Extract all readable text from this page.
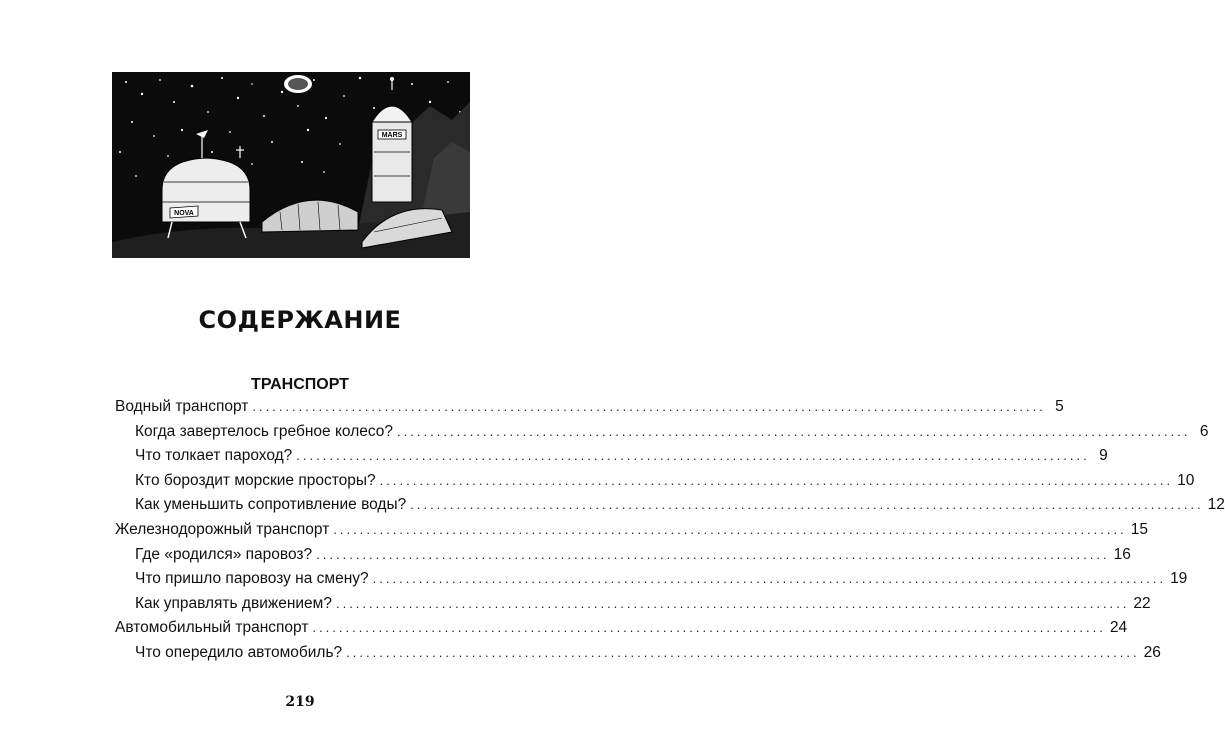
MARS
NOVA
СОДЕРЖАНИЕ
ТРАНСПОРТ
Водный транспорт ........................................................................................................................ 5
Когда завертелось гребное колесо? ........................................................................................................................ 6
Что толкает пароход? ........................................................................................................................ 9
Кто бороздит морские просторы? ........................................................................................................................ 10
Как уменьшить сопротивление воды? ........................................................................................................................ 12
Железнодорожный транспорт ........................................................................................................................ 15
Где «родился» паровоз? ........................................................................................................................ 16
Что пришло паровозу на смену? ........................................................................................................................ 19
Как управлять движением? ........................................................................................................................ 22
Автомобильный транспорт ........................................................................................................................ 24
Что опередило автомобиль? ........................................................................................................................ 26
219
